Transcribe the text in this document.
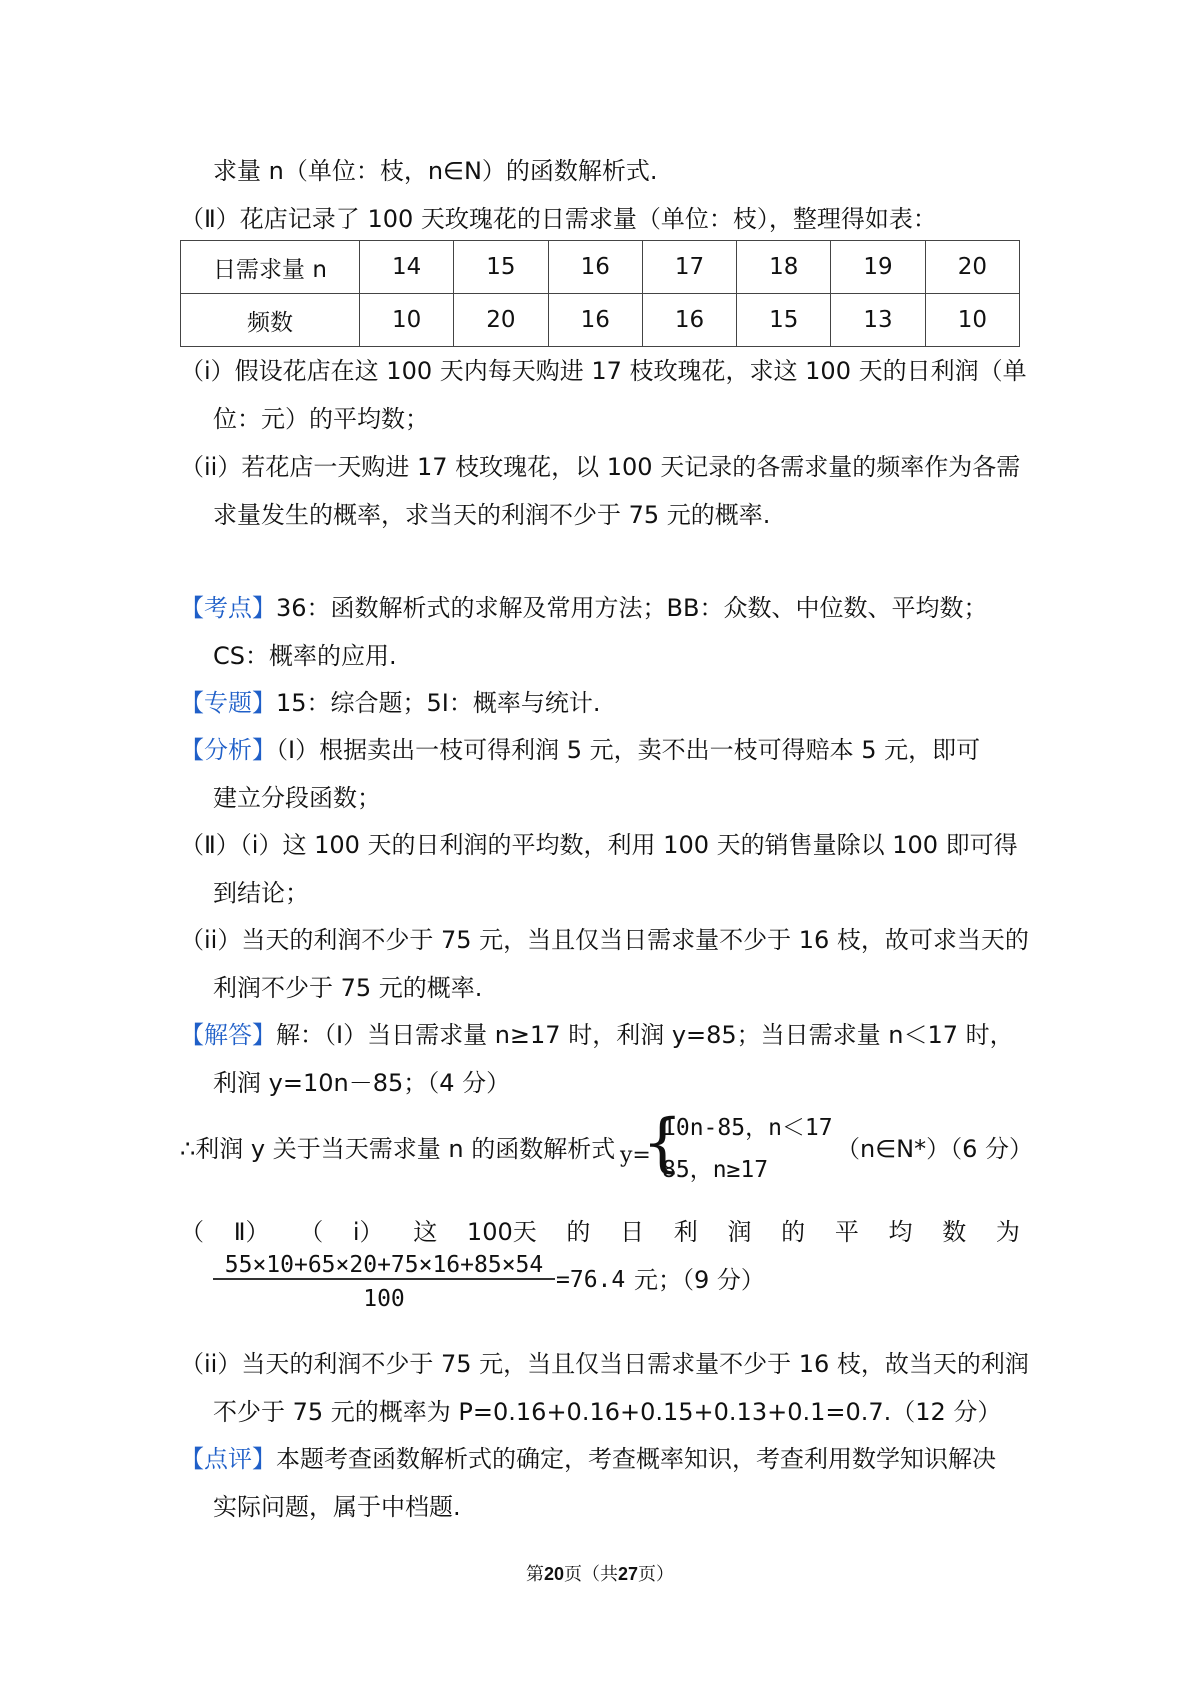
求量 n（单位：枝，n∈N）的函数解析式.
（Ⅱ）花店记录了 100 天玫瑰花的日需求量（单位：枝），整理得如表：
日需求量 n	14	15	16	17	18	19	20
频数	10	20	16	16	15	13	10
（i）假设花店在这 100 天内每天购进 17 枝玫瑰花，求这 100 天的日利润（单
位：元）的平均数；
（ii）若花店一天购进 17 枝玫瑰花，以 100 天记录的各需求量的频率作为各需
求量发生的概率，求当天的利润不少于 75 元的概率.
【考点】36：函数解析式的求解及常用方法；BB：众数、中位数、平均数；
CS：概率的应用.
【专题】15：综合题；5I：概率与统计.
【分析】（Ⅰ）根据卖出一枝可得利润 5 元，卖不出一枝可得赔本 5 元，即可
建立分段函数；
（Ⅱ）（i）这 100 天的日利润的平均数，利用 100 天的销售量除以 100 即可得
到结论；
（ii）当天的利润不少于 75 元，当且仅当日需求量不少于 16 枝，故可求当天的
利润不少于 75 元的概率.
【解答】解：（Ⅰ）当日需求量 n≥17 时，利润 y=85；当日需求量 n＜17 时，
利润 y=10n－85；（4 分）
∴利润 y 关于当天需求量 n 的函数解析式 y=
{
10n-85，n＜17
85，n≥17
（n∈N*）（6 分）
（ Ⅱ） （ i） 这 100天 的 日 利 润 的 平 均 数 为
55×10+65×20+75×16+85×54
100
=76.4 元；（9 分）
（ii）当天的利润不少于 75 元，当且仅当日需求量不少于 16 枝，故当天的利润
不少于 75 元的概率为 P=0.16+0.16+0.15+0.13+0.1=0.7.（12 分）
【点评】本题考查函数解析式的确定，考查概率知识，考查利用数学知识解决
实际问题，属于中档题.
第20页（共27页）
